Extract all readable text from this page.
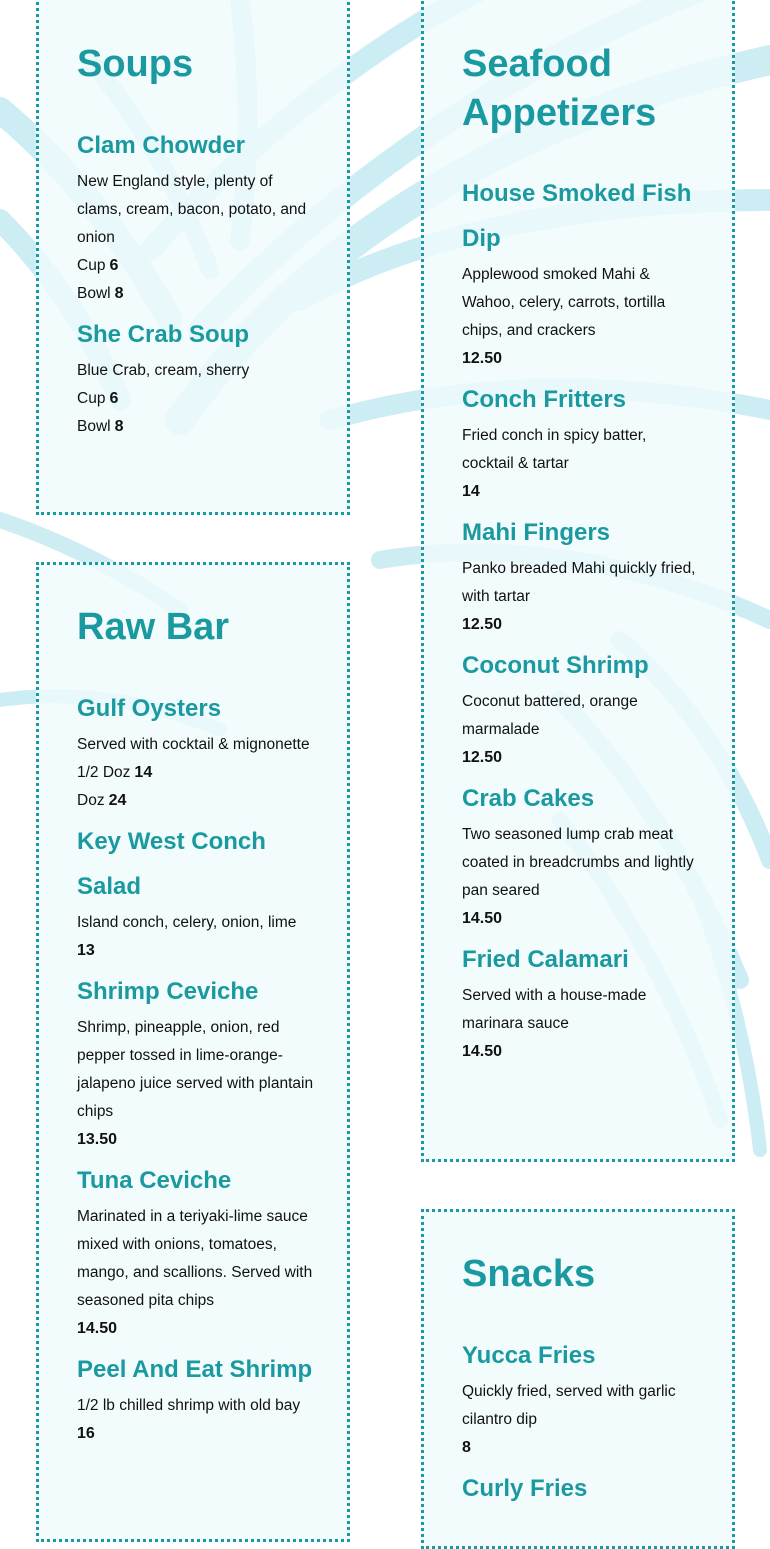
Soups
Clam Chowder

New England style, plenty of clams, cream, bacon, potato, and onion

Cup 6

Bowl 8

She Crab Soup

Blue Crab, cream, sherry

Cup 6

Bowl 8

Raw Bar
Gulf Oysters

Served with cocktail & mignonette

1/2 Doz 14

Doz 24

Key West Conch Salad

Island conch, celery, onion, lime

13

Shrimp Ceviche

Shrimp, pineapple, onion, red pepper tossed in lime-orange-jalapeno juice served with plantain chips

13.50

Tuna Ceviche

Marinated in a teriyaki-lime sauce mixed with onions, tomatoes, mango, and scallions. Served with seasoned pita chips

14.50

Peel And Eat Shrimp

1/2 lb chilled shrimp with old bay

16

Seafood Appetizers
House Smoked Fish Dip

Applewood smoked Mahi & Wahoo, celery, carrots, tortilla chips, and crackers

12.50

Conch Fritters

Fried conch in spicy batter, cocktail & tartar

14

Mahi Fingers

Panko breaded Mahi quickly fried, with tartar

12.50

Coconut Shrimp

Coconut battered, orange marmalade

12.50

Crab Cakes

Two seasoned lump crab meat coated in breadcrumbs and lightly pan seared

14.50

Fried Calamari

Served with a house-made marinara sauce

14.50

Snacks
Yucca Fries

Quickly fried, served with garlic cilantro dip

8

Curly Fries
